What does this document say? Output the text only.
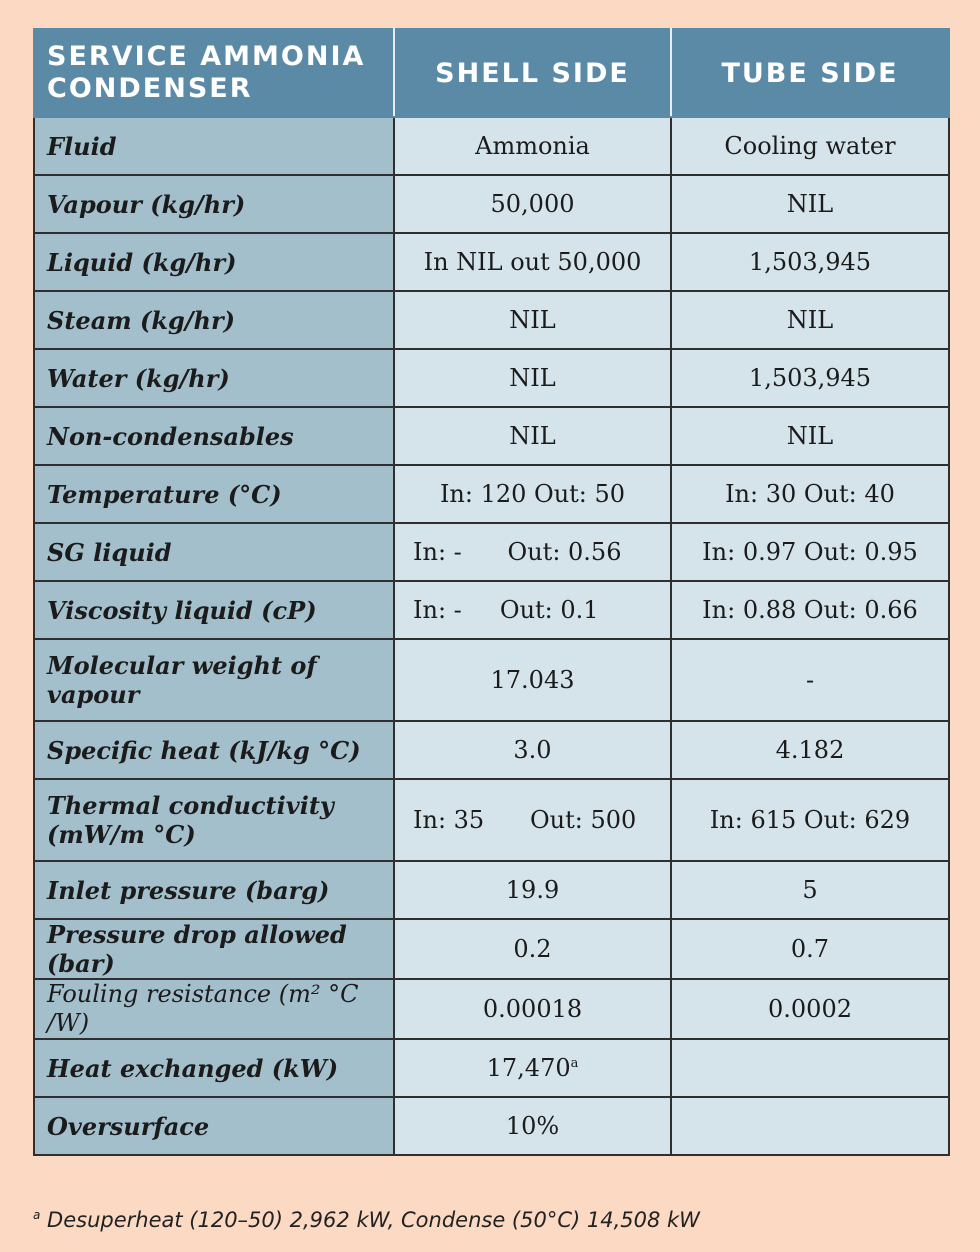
SERVICE AMMONIA CONDENSER	SHELL SIDE	TUBE SIDE
Fluid	Ammonia	Cooling water
Vapour (kg/hr)	50,000	NIL
Liquid (kg/hr)	In NIL out 50,000	1,503,945
Steam (kg/hr)	NIL	NIL
Water (kg/hr)	NIL	1,503,945
Non-condensables	NIL	NIL
Temperature (°C)	In: 120 Out: 50	In: 30 Out: 40
SG liquid	In: -      Out: 0.56	In: 0.97 Out: 0.95
Viscosity liquid (cP)	In: -     Out: 0.1	In: 0.88 Out: 0.66
Molecular weight of vapour	17.043	-
Specific heat (kJ/kg °C)	3.0	4.182
Thermal conductivity (mW/m °C)	In: 35      Out: 500	In: 615 Out: 629
Inlet pressure (barg)	19.9	5
Pressure drop allowed (bar)	0.2	0.7
Fouling resistance (m² °C /W)	0.00018	0.0002
Heat exchanged (kW)	17,470$^a$	
Oversurface	10%	
$^a$ Desuperheat (120–50) 2,962 kW, Condense (50°C) 14,508 kW
